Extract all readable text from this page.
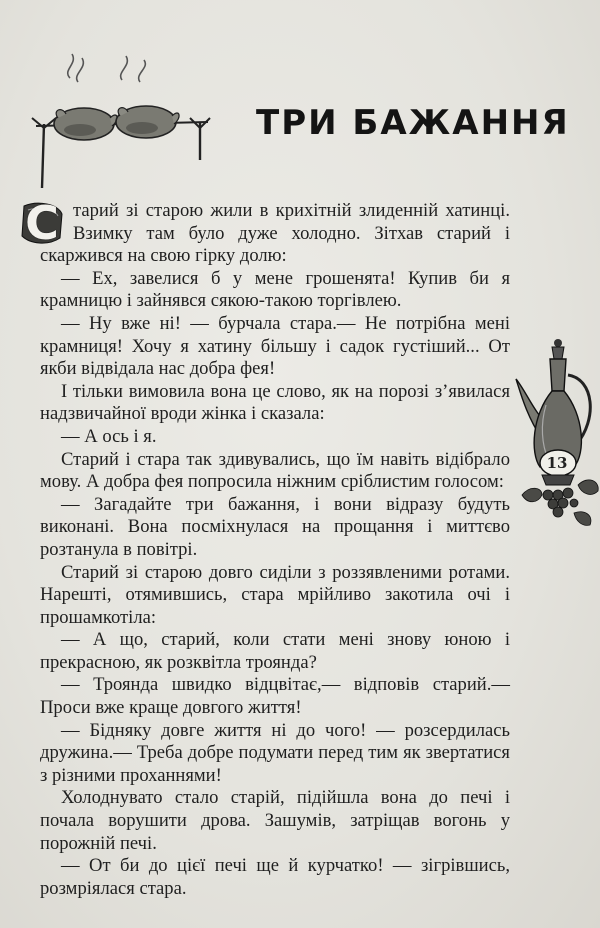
ТРИ БАЖАННЯ

С тарий зі старою жили в крихітній злиденній хатинці. Взимку там було дуже холодно. Зітхав старий і скаржився на свою гірку долю:

— Ех, завелися б у мене грошенята! Купив би я крамницю і зайнявся сякою-такою торгівлею.

— Ну вже ні! — бурчала стара.— Не потрібна мені крамниця! Хочу я хатину більшу і садок густіший... От якби відвідала нас добра фея!

І тільки вимовила вона це слово, як на порозі з’явилася надзвичайної вроди жінка і сказала:

— А ось і я.

Старий і стара так здивувались, що їм навіть відібрало мову. А добра фея попросила ніжним сріблистим голосом:

— Загадайте три бажання, і вони відразу будуть виконані. Вона посміхнулася на прощання і миттєво розтанула в повітрі.

Старий зі старою довго сиділи з роззявленими ротами. Нарешті, отямившись, стара мрійливо закотила очі і прошамкотіла:

— А що, старий, коли стати мені знову юною і прекрасною, як розквітла троянда?

— Троянда швидко відцвітає,— відповів старий.— Проси вже краще довгого життя!

— Бідняку довге життя ні до чого! — розсердилась дружина.— Треба добре подумати перед тим як звертатися з різними проханнями!

Холоднувато стало старій, підійшла вона до печі і почала ворушити дрова. Зашумів, затріщав вогонь у порожній печі.

— От би до цієї печі ще й курчатко! — зігрівшись, розмріялася стара.

13
